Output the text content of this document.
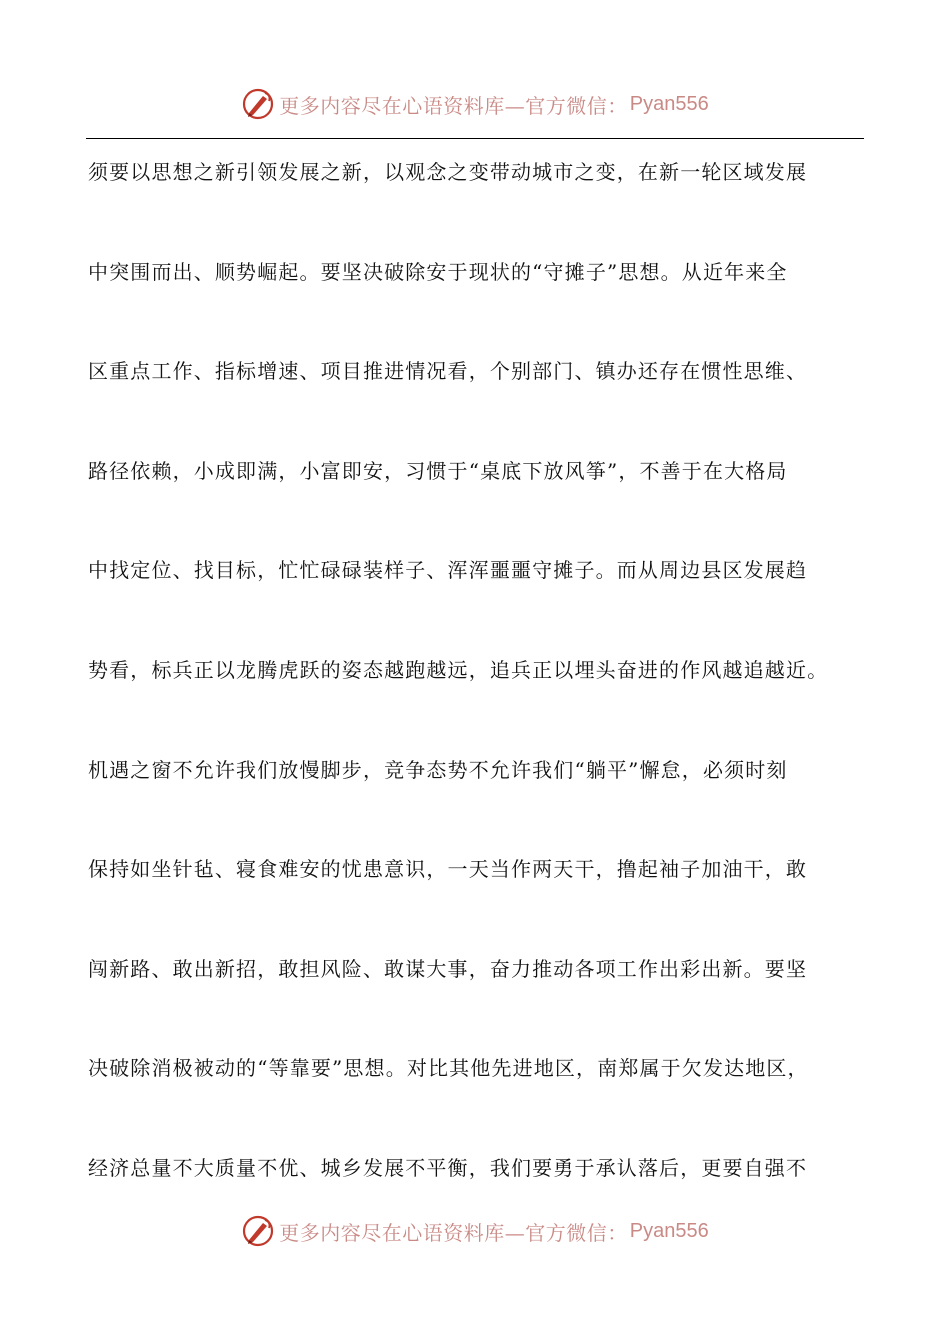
更多内容尽在心语资料库—官方微信： Pyan556
须要以思想之新引领发展之新，以观念之变带动城市之变，在新一轮区域发展
中突围而出、顺势崛起。要坚决破除安于现状的“守摊子”思想。从近年来全
区重点工作、指标增速、项目推进情况看，个别部门、镇办还存在惯性思维、
路径依赖，小成即满，小富即安，习惯于“桌底下放风筝”，不善于在大格局
中找定位、找目标，忙忙碌碌装样子、浑浑噩噩守摊子。而从周边县区发展趋
势看，标兵正以龙腾虎跃的姿态越跑越远，追兵正以埋头奋进的作风越追越近。
机遇之窗不允许我们放慢脚步，竞争态势不允许我们“躺平”懈怠，必须时刻
保持如坐针毡、寝食难安的忧患意识，一天当作两天干，撸起袖子加油干，敢
闯新路、敢出新招，敢担风险、敢谋大事，奋力推动各项工作出彩出新。要坚
决破除消极被动的“等靠要”思想。对比其他先进地区，南郑属于欠发达地区，
经济总量不大质量不优、城乡发展不平衡，我们要勇于承认落后，更要自强不
更多内容尽在心语资料库—官方微信： Pyan556
